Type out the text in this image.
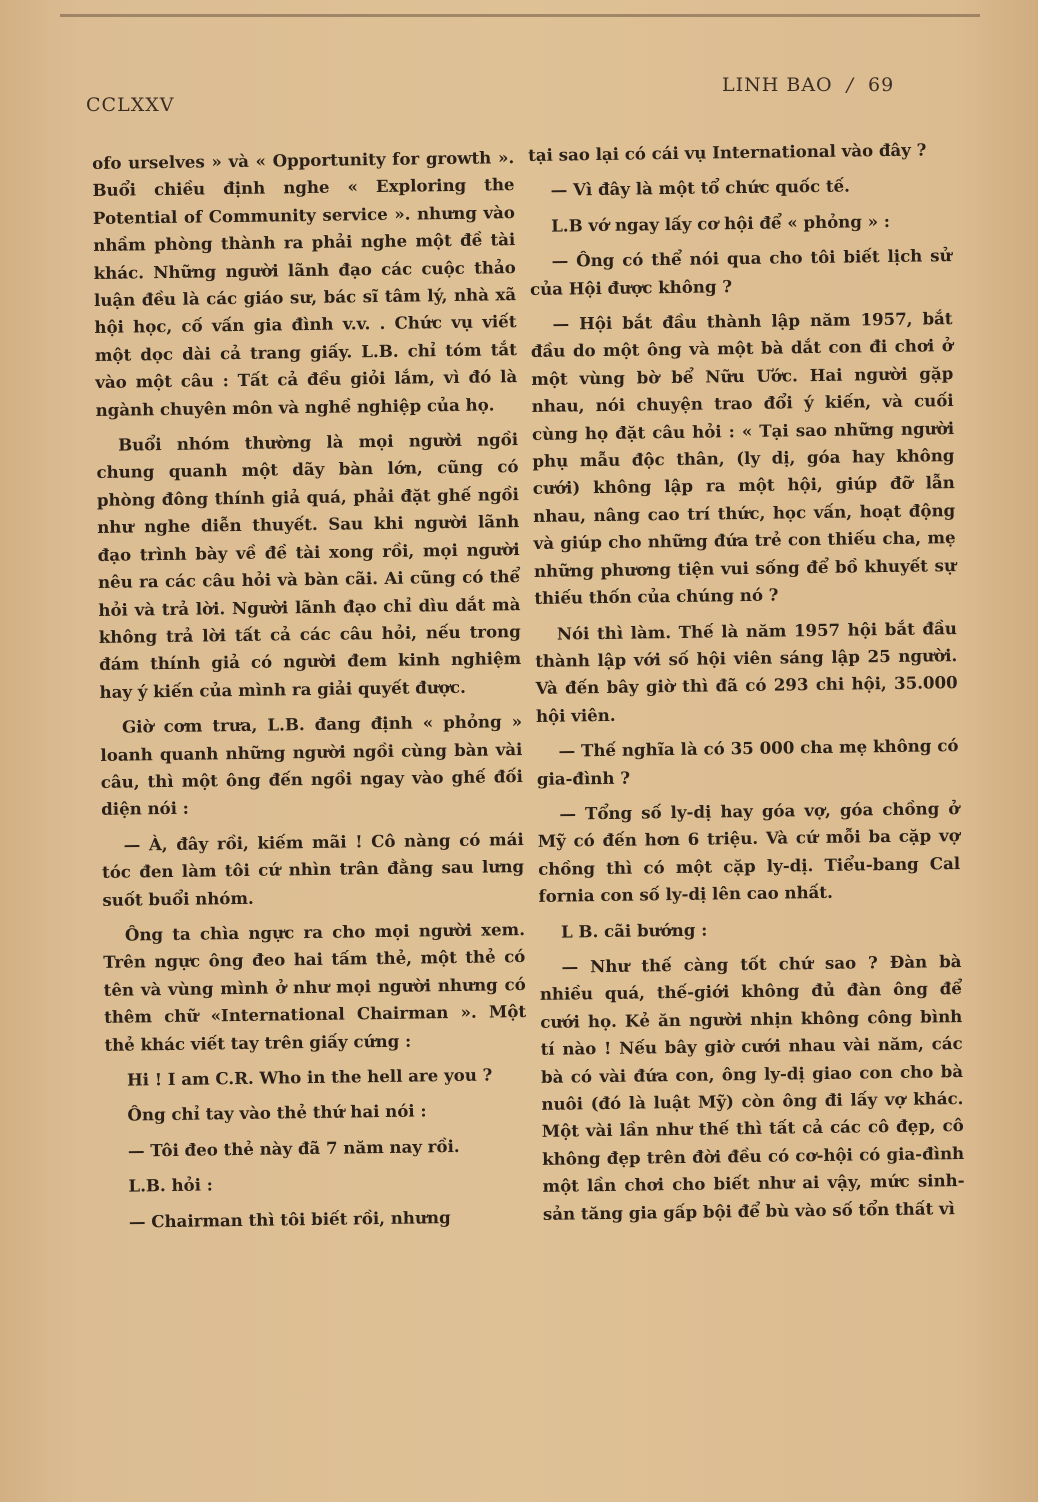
CCLXXV
LINH BAO / 69

ofo urselves » và « Opportunity for growth ». Buổi chiều định nghe « Exploring the Potential of Community service ». nhưng vào nhầm phòng thành ra phải nghe một đề tài khác. Những người lãnh đạo các cuộc thảo luận đều là các giáo sư, bác sĩ tâm lý, nhà xã hội học, cố vấn gia đình v.v. . Chức vụ viết một dọc dài cả trang giấy. L.B. chỉ tóm tắt vào một câu : Tất cả đều giỏi lắm, vì đó là ngành chuyên môn và nghề nghiệp của họ.

Buổi nhóm thường là mọi người ngồi chung quanh một dãy bàn lớn, cũng có phòng đông thính giả quá, phải đặt ghế ngồi như nghe diễn thuyết. Sau khi người lãnh đạo trình bày về đề tài xong rồi, mọi người nêu ra các câu hỏi và bàn cãi. Ai cũng có thể hỏi và trả lời. Người lãnh đạo chỉ dìu dắt mà không trả lời tất cả các câu hỏi, nếu trong đám thính giả có người đem kinh nghiệm hay ý kiến của mình ra giải quyết được.

Giờ cơm trưa, L.B. đang định « phỏng » loanh quanh những người ngồi cùng bàn vài câu, thì một ông đến ngồi ngay vào ghế đối diện nói :

— À, đây rồi, kiếm mãi ! Cô nàng có mái tóc đen làm tôi cứ nhìn trân đằng sau lưng suốt buổi nhóm.

Ông ta chìa ngực ra cho mọi người xem. Trên ngực ông đeo hai tấm thẻ, một thẻ có tên và vùng mình ở như mọi người nhưng có thêm chữ «International Chairman ». Một thẻ khác viết tay trên giấy cứng :

Hi ! I am C.R. Who in the hell are you ?

Ông chỉ tay vào thẻ thứ hai nói :

— Tôi đeo thẻ này đã 7 năm nay rồi.

L.B. hỏi :

— Chairman thì tôi biết rồi, nhưng

tại sao lại có cái vụ International vào đây ?

— Vì đây là một tổ chức quốc tế.

L.B vớ ngay lấy cơ hội để « phỏng » :

— Ông có thể nói qua cho tôi biết lịch sử của Hội được không ?

— Hội bắt đầu thành lập năm 1957, bắt đầu do một ông và một bà dắt con đi chơi ở một vùng bờ bể Nữu Ước. Hai người gặp nhau, nói chuyện trao đổi ý kiến, và cuối cùng họ đặt câu hỏi : « Tại sao những người phụ mẫu độc thân, (ly dị, góa hay không cưới) không lập ra một hội, giúp đỡ lẫn nhau, nâng cao trí thức, học vấn, hoạt động và giúp cho những đứa trẻ con thiếu cha, mẹ những phương tiện vui sống để bồ khuyết sự thiếu thốn của chúng nó ?

Nói thì làm. Thế là năm 1957 hội bắt đầu thành lập với số hội viên sáng lập 25 người. Và đến bây giờ thì đã có 293 chi hội, 35.000 hội viên.

— Thế nghĩa là có 35 000 cha mẹ không có gia-đình ?

— Tổng số ly-dị hay góa vợ, góa chồng ở Mỹ có đến hơn 6 triệu. Và cứ mỗi ba cặp vợ chồng thì có một cặp ly-dị. Tiểu-bang Cal fornia con số ly-dị lên cao nhất.

L B. cãi bướng :

— Như thế càng tốt chứ sao ? Đàn bà nhiều quá, thế-giới không đủ đàn ông để cưới họ. Kẻ ăn người nhịn không công bình tí nào ! Nếu bây giờ cưới nhau vài năm, các bà có vài đứa con, ông ly-dị giao con cho bà nuôi (đó là luật Mỹ) còn ông đi lấy vợ khác. Một vài lần như thế thì tất cả các cô đẹp, cô không đẹp trên đời đều có cơ-hội có gia-đình một lần chơi cho biết như ai vậy, mức sinh-sản tăng gia gấp bội để bù vào số tổn thất vì
